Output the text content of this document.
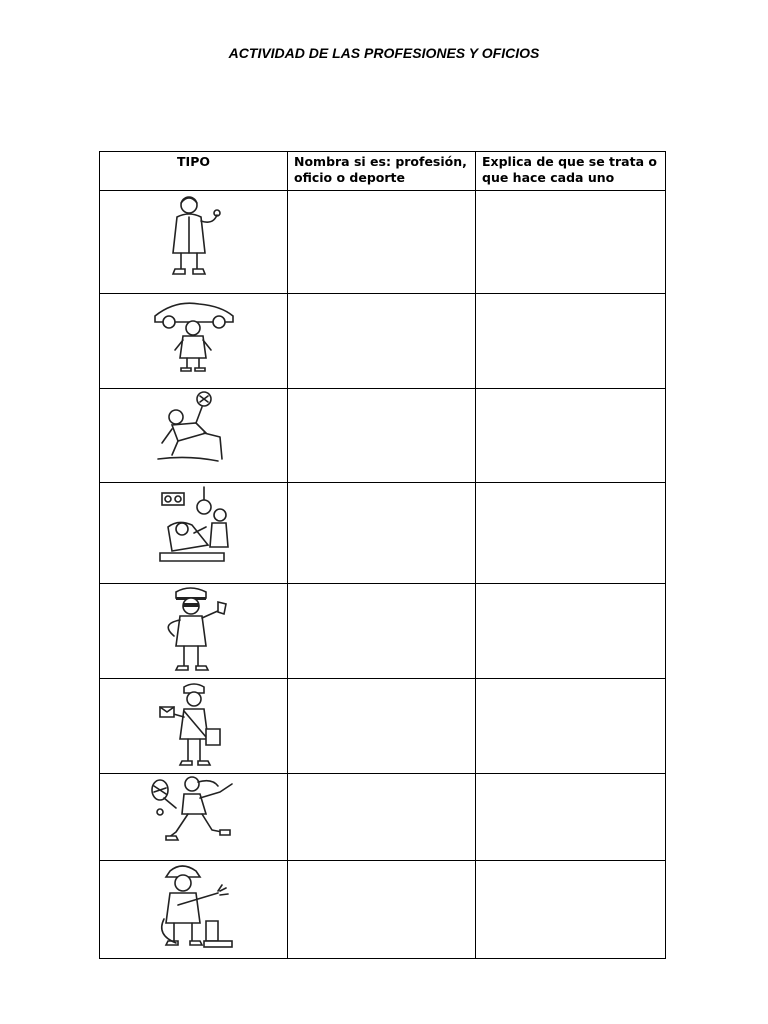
ACTIVIDAD DE LAS PROFESIONES Y OFICIOS
TIPO	Nombra si es: profesión, oficio o deporte	Explica de que se trata o que hace cada uno
